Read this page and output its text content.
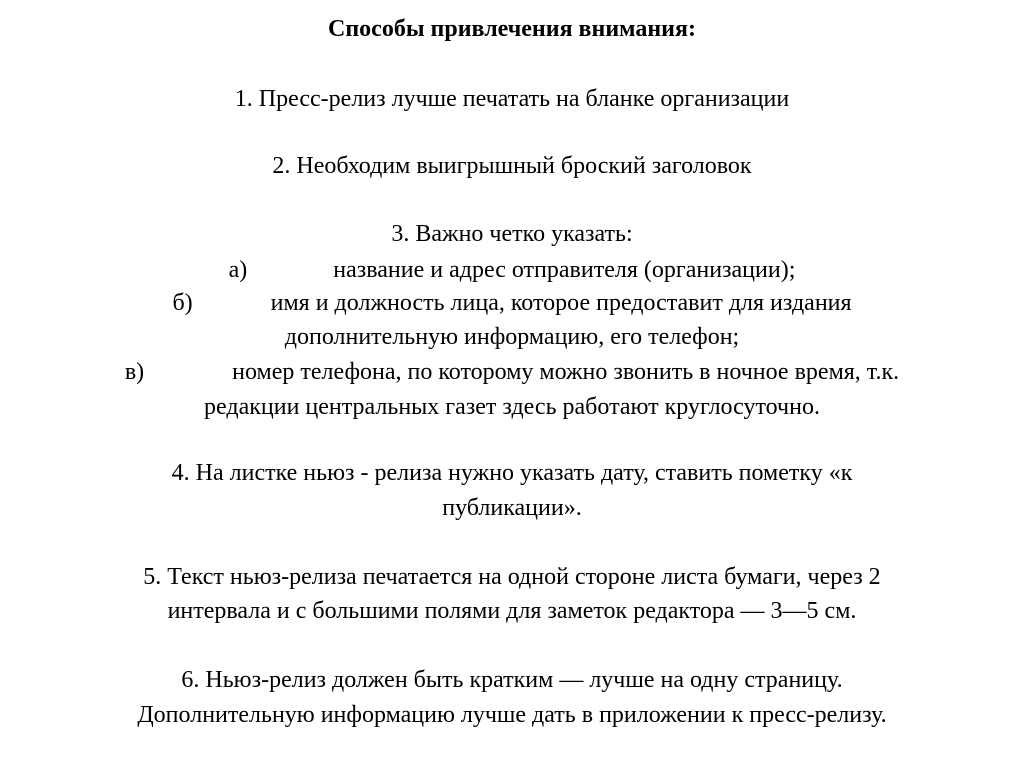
Способы привлечения внимания:
1. Пресс-релиз лучше печатать на бланке организации
2. Необходим выигрышный броский заголовок
3. Важно четко указать:
а)	название и адрес отправителя (организации);
б)	имя и должность лица, которое предоставит для издания
дополнительную информацию, его телефон;
в)	номер телефона, по которому можно звонить в ночное время, т.к.
редакции центральных газет здесь работают круглосуточно.
4. На листке ньюз - релиза нужно указать дату, ставить пометку «к
публикации».
5. Текст ньюз-релиза печатается на одной стороне листа бумаги, через 2
интервала и с большими полями для заметок редактора — 3—5 см.
6. Ньюз-релиз должен быть кратким — лучше на одну страницу.
Дополнительную информацию лучше дать в приложении к пресс-релизу.
